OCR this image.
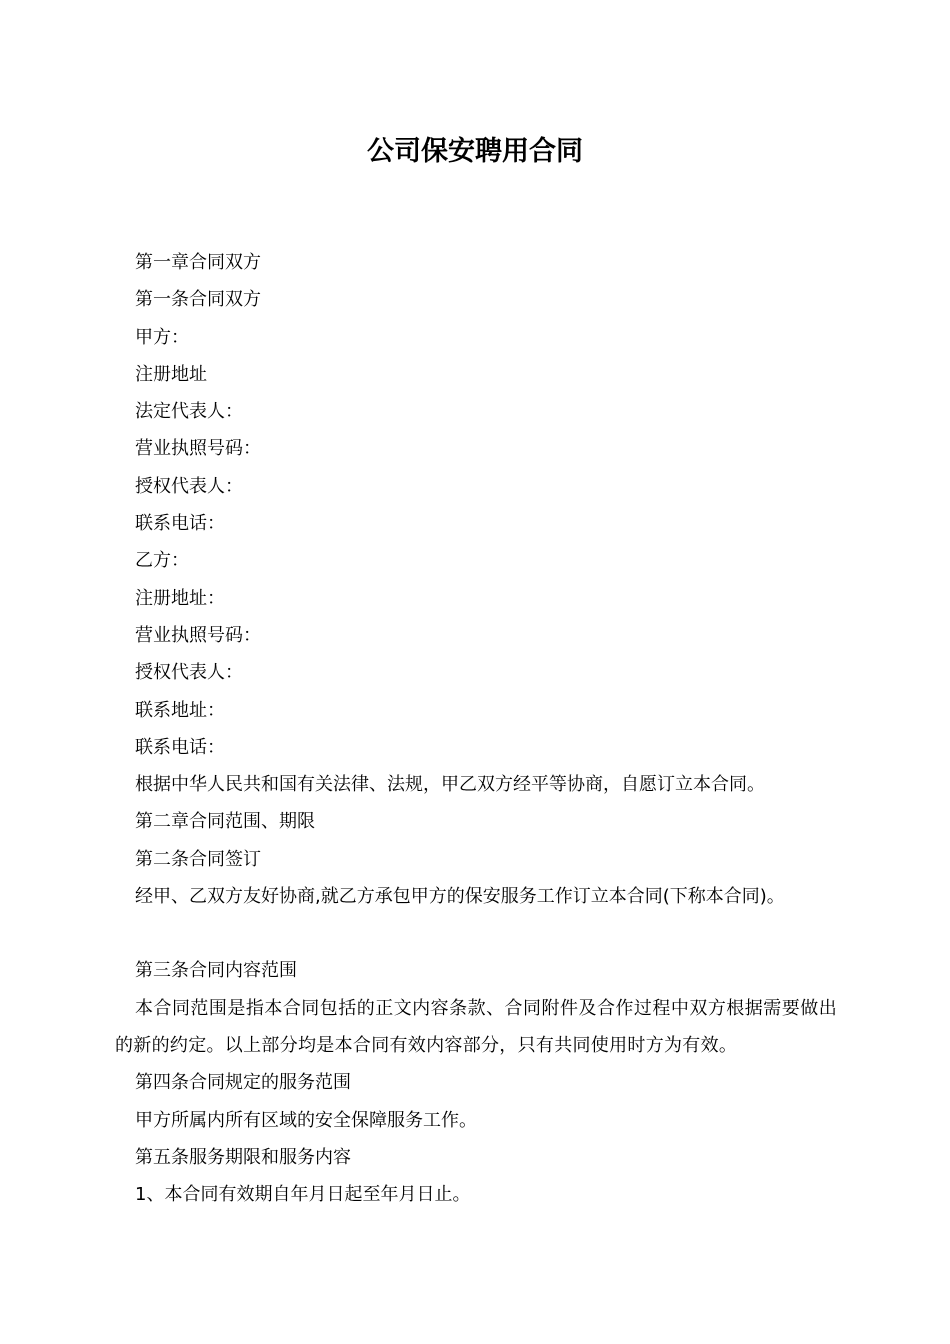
公司保安聘用合同

第一章合同双方

第一条合同双方

甲方：

注册地址

法定代表人：

营业执照号码：

授权代表人：

联系电话：

乙方：

注册地址：

营业执照号码：

授权代表人：

联系地址：

联系电话：

根据中华人民共和国有关法律、法规，甲乙双方经平等协商，自愿订立本合同。

第二章合同范围、期限

第二条合同签订

经甲、乙双方友好协商,就乙方承包甲方的保安服务工作订立本合同(下称本合同)。

第三条合同内容范围

本合同范围是指本合同包括的正文内容条款、合同附件及合作过程中双方根据需要做出的新的约定。以上部分均是本合同有效内容部分，只有共同使用时方为有效。

第四条合同规定的服务范围

甲方所属内所有区域的安全保障服务工作。

第五条服务期限和服务内容

1、本合同有效期自年月日起至年月日止。
